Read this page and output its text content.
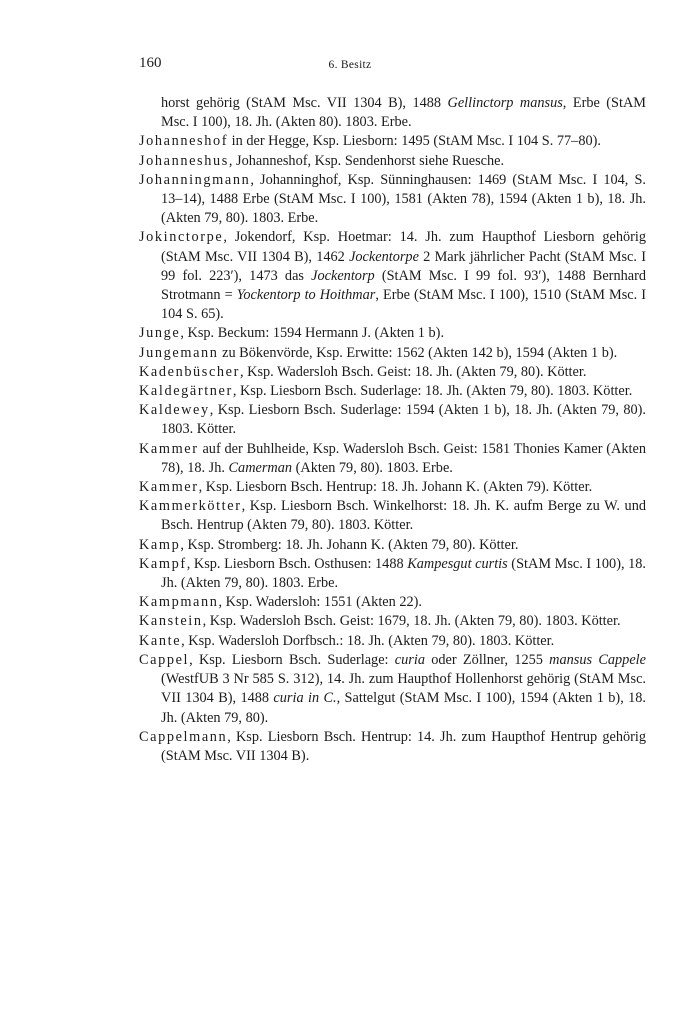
160	6. Besitz
horst gehörig (StAM Msc. VII 1304 B), 1488 Gellinctorp mansus, Erbe (StAM Msc. I 100), 18. Jh. (Akten 80). 1803. Erbe.
Johanneshof in der Hegge, Ksp. Liesborn: 1495 (StAM Msc. I 104 S. 77–80).
Johanneshus, Johanneshof, Ksp. Sendenhorst siehe Ruesche.
Johanningmann, Johanninghof, Ksp. Sünninghausen: 1469 (StAM Msc. I 104, S. 13–14), 1488 Erbe (StAM Msc. I 100), 1581 (Akten 78), 1594 (Akten 1 b), 18. Jh. (Akten 79, 80). 1803. Erbe.
Jokinctorpe, Jokendorf, Ksp. Hoetmar: 14. Jh. zum Haupthof Liesborn gehörig (StAM Msc. VII 1304 B), 1462 Jockentorpe 2 Mark jährlicher Pacht (StAM Msc. I 99 fol. 223′), 1473 das Jockentorp (StAM Msc. I 99 fol. 93′), 1488 Bernhard Strotmann = Yockentorp to Hoithmar, Erbe (StAM Msc. I 100), 1510 (StAM Msc. I 104 S. 65).
Junge, Ksp. Beckum: 1594 Hermann J. (Akten 1 b).
Jungemann zu Bökenvörde, Ksp. Erwitte: 1562 (Akten 142 b), 1594 (Akten 1 b).
Kadenbüscher, Ksp. Wadersloh Bsch. Geist: 18. Jh. (Akten 79, 80). Kötter.
Kaldegärtner, Ksp. Liesborn Bsch. Suderlage: 18. Jh. (Akten 79, 80). 1803. Kötter.
Kaldewey, Ksp. Liesborn Bsch. Suderlage: 1594 (Akten 1 b), 18. Jh. (Akten 79, 80). 1803. Kötter.
Kammer auf der Buhlheide, Ksp. Wadersloh Bsch. Geist: 1581 Thonies Kamer (Akten 78), 18. Jh. Camerman (Akten 79, 80). 1803. Erbe.
Kammer, Ksp. Liesborn Bsch. Hentrup: 18. Jh. Johann K. (Akten 79). Kötter.
Kammerkötter, Ksp. Liesborn Bsch. Winkelhorst: 18. Jh. K. aufm Berge zu W. und Bsch. Hentrup (Akten 79, 80). 1803. Kötter.
Kamp, Ksp. Stromberg: 18. Jh. Johann K. (Akten 79, 80). Kötter.
Kampf, Ksp. Liesborn Bsch. Osthusen: 1488 Kampesgut curtis (StAM Msc. I 100), 18. Jh. (Akten 79, 80). 1803. Erbe.
Kampmann, Ksp. Wadersloh: 1551 (Akten 22).
Kanstein, Ksp. Wadersloh Bsch. Geist: 1679, 18. Jh. (Akten 79, 80). 1803. Kötter.
Kante, Ksp. Wadersloh Dorfbsch.: 18. Jh. (Akten 79, 80). 1803. Kötter.
Cappel, Ksp. Liesborn Bsch. Suderlage: curia oder Zöllner, 1255 mansus Cappele (WestfUB 3 Nr 585 S. 312), 14. Jh. zum Haupthof Hollenhorst gehörig (StAM Msc. VII 1304 B), 1488 curia in C., Sattelgut (StAM Msc. I 100), 1594 (Akten 1 b), 18. Jh. (Akten 79, 80).
Cappelmann, Ksp. Liesborn Bsch. Hentrup: 14. Jh. zum Haupthof Hentrup gehörig (StAM Msc. VII 1304 B).
